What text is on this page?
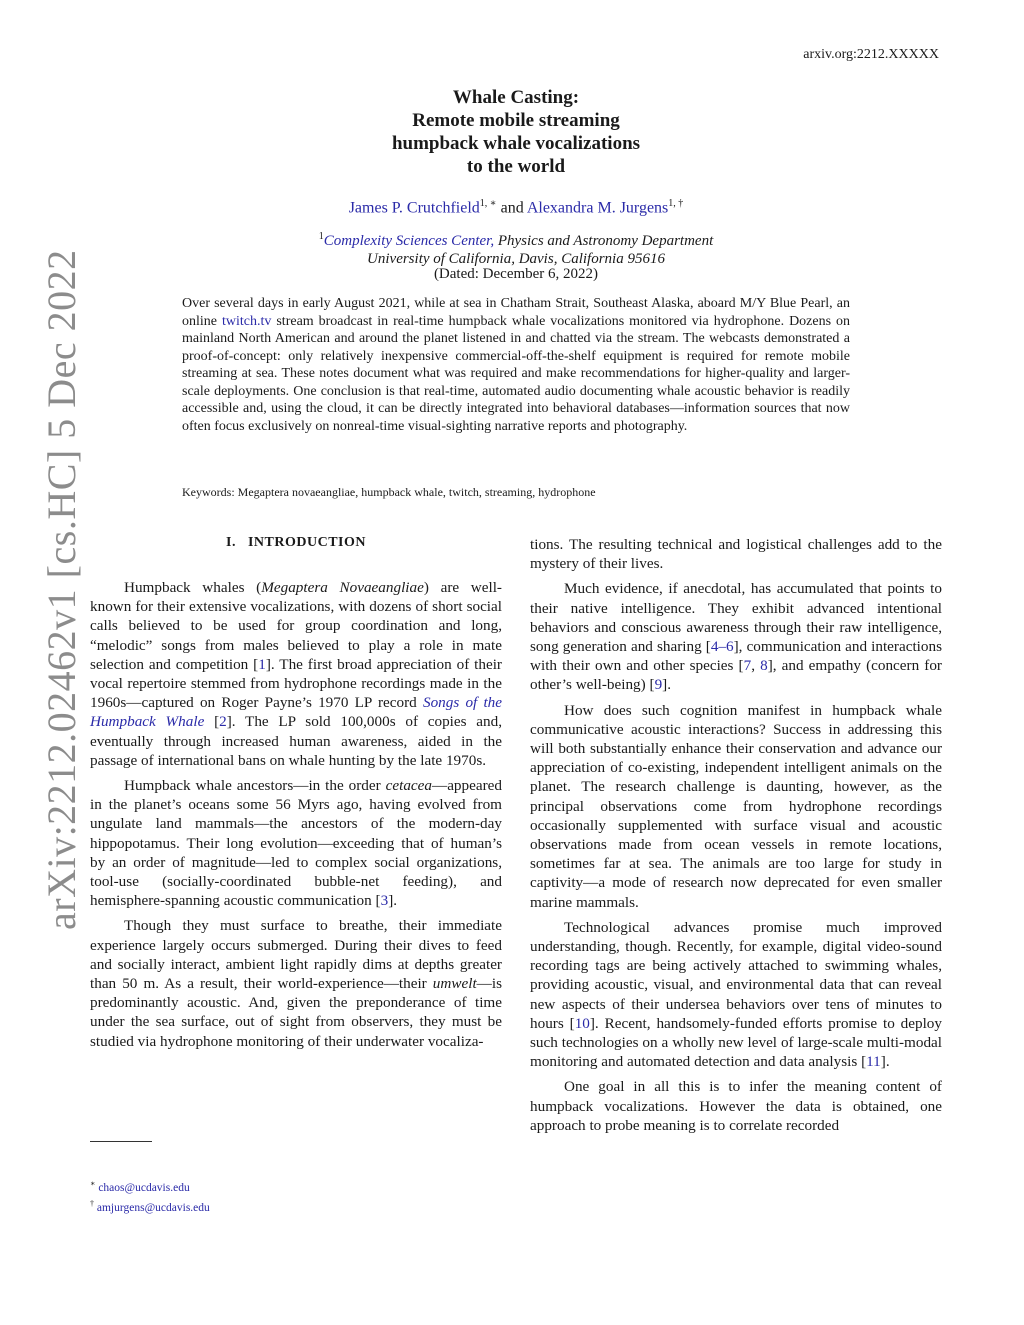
arxiv.org:2212.XXXXX
arXiv:2212.02462v1 [cs.HC] 5 Dec 2022
Whale Casting:
Remote mobile streaming
humpback whale vocalizations
to the world
James P. Crutchfield$^{1, ∗}$ and Alexandra M. Jurgens$^{1, \dagger}$
$^1$Complexity Sciences Center, Physics and Astronomy Department
University of California, Davis, California 95616
(Dated: December 6, 2022)
Over several days in early August 2021, while at sea in Chatham Strait, Southeast Alaska, aboard M/Y Blue Pearl, an online twitch.tv stream broadcast in real-time humpback whale vocalizations monitored via hydrophone. Dozens on mainland North American and around the planet listened in and chatted via the stream. The webcasts demonstrated a proof-of-concept: only relatively inexpensive commercial-off-the-shelf equipment is required for remote mobile streaming at sea. These notes document what was required and make recommendations for higher-quality and larger-scale deployments. One conclusion is that real-time, automated audio documenting whale acoustic behavior is readily accessible and, using the cloud, it can be directly integrated into behavioral databases—information sources that now often focus exclusively on nonreal-time visual-sighting narrative reports and photography.
Keywords: Megaptera novaeangliae, humpback whale, twitch, streaming, hydrophone
I. INTRODUCTION

Humpback whales (Megaptera Novaeangliae) are well-known for their extensive vocalizations, with dozens of short social calls believed to be used for group coordination and long, “melodic” songs from males believed to play a role in mate selection and competition [1]. The first broad appreciation of their vocal repertoire stemmed from hydrophone recordings made in the 1960s—captured on Roger Payne’s 1970 LP record Songs of the Humpback Whale [2]. The LP sold 100,000s of copies and, eventually through increased human awareness, aided in the passage of international bans on whale hunting by the late 1970s.

Humpback whale ancestors—in the order cetacea—appeared in the planet’s oceans some 56 Myrs ago, having evolved from ungulate land mammals—the ancestors of the modern-day hippopotamus. Their long evolution—exceeding that of human’s by an order of magnitude—led to complex social organizations, tool-use (socially-coordinated bubble-net feeding), and hemisphere-spanning acoustic communication [3].

Though they must surface to breathe, their immediate experience largely occurs submerged. During their dives to feed and socially interact, ambient light rapidly dims at depths greater than 50 m. As a result, their world-experience—their umwelt—is predominantly acoustic. And, given the preponderance of time under the sea surface, out of sight from observers, they must be studied via hydrophone monitoring of their underwater vocaliza-

tions. The resulting technical and logistical challenges add to the mystery of their lives.

Much evidence, if anecdotal, has accumulated that points to their native intelligence. They exhibit advanced intentional behaviors and conscious awareness through their raw intelligence, song generation and sharing [4–6], communication and interactions with their own and other species [7, 8], and empathy (concern for other’s well-being) [9].

How does such cognition manifest in humpback whale communicative acoustic interactions? Success in addressing this will both substantially enhance their conservation and advance our appreciation of co-existing, independent intelligent animals on the planet. The research challenge is daunting, however, as the principal observations come from hydrophone recordings occasionally supplemented with surface visual and acoustic observations made from ocean vessels in remote locations, sometimes far at sea. The animals are too large for study in captivity—a mode of research now deprecated for even smaller marine mammals.

Technological advances promise much improved understanding, though. Recently, for example, digital video-sound recording tags are being actively attached to swimming whales, providing acoustic, visual, and environmental data that can reveal new aspects of their undersea behaviors over tens of minutes to hours [10]. Recent, handsomely-funded efforts promise to deploy such technologies on a wholly new level of large-scale multi-modal monitoring and automated detection and data analysis [11].

One goal in all this is to infer the meaning content of humpback vocalizations. However the data is obtained, one approach to probe meaning is to correlate recorded

∗ chaos@ucdavis.edu
† amjurgens@ucdavis.edu
